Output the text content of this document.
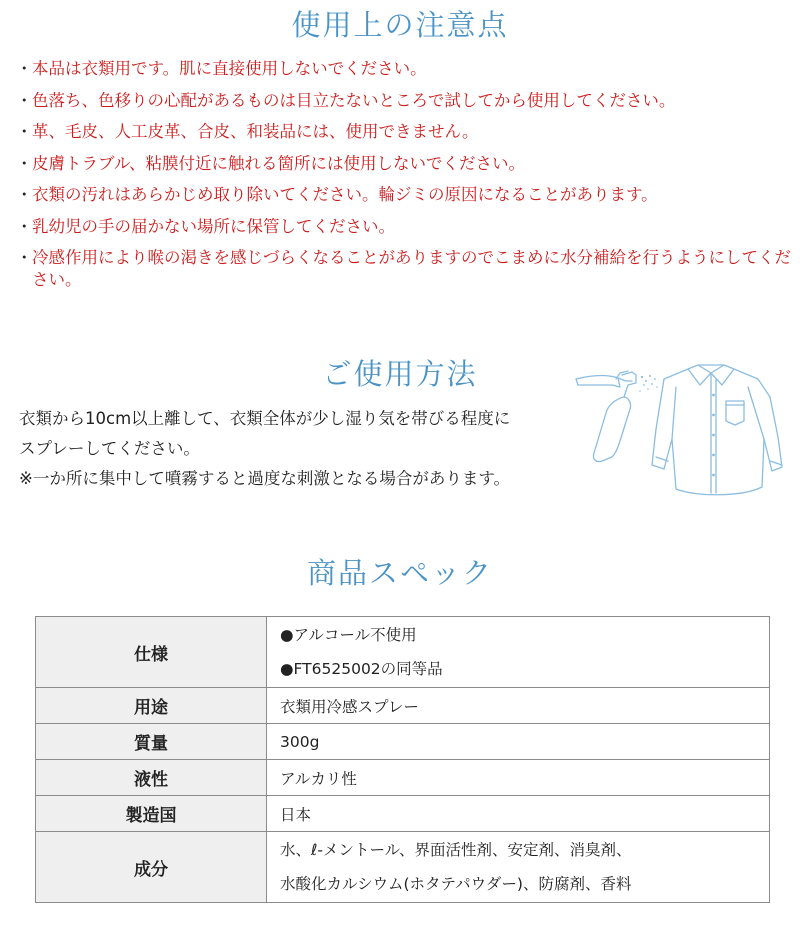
使用上の注意点
・ 本品は衣類用です。肌に直接使用しないでください。
・ 色落ち、色移りの心配があるものは目立たないところで試してから使用してください。
・ 革、毛皮、人工皮革、合皮、和装品には、使用できません。
・ 皮膚トラブル、粘膜付近に触れる箇所には使用しないでください。
・ 衣類の汚れはあらかじめ取り除いてください。輪ジミの原因になることがあります。
・ 乳幼児の手の届かない場所に保管してください。
・ 冷感作用により喉の渇きを感じづらくなることがありますのでこまめに水分補給を行うようにしてください。
ご使用方法

衣類から10cm以上離して、衣類全体が少し湿り気を帯びる程度に

スプレーしてください。

※一か所に集中して噴霧すると過度な刺激となる場合があります。

商品スペック
仕様	●アルコール不使用
●FT6525002の同等品

用途	衣類用冷感スプレー
質量	300g
液性	アルカリ性
製造国	日本
成分	水、ℓ-メントール、界面活性剤、安定剤、消臭剤、
水酸化カルシウム(ホタテパウダー)、防腐剤、香料
